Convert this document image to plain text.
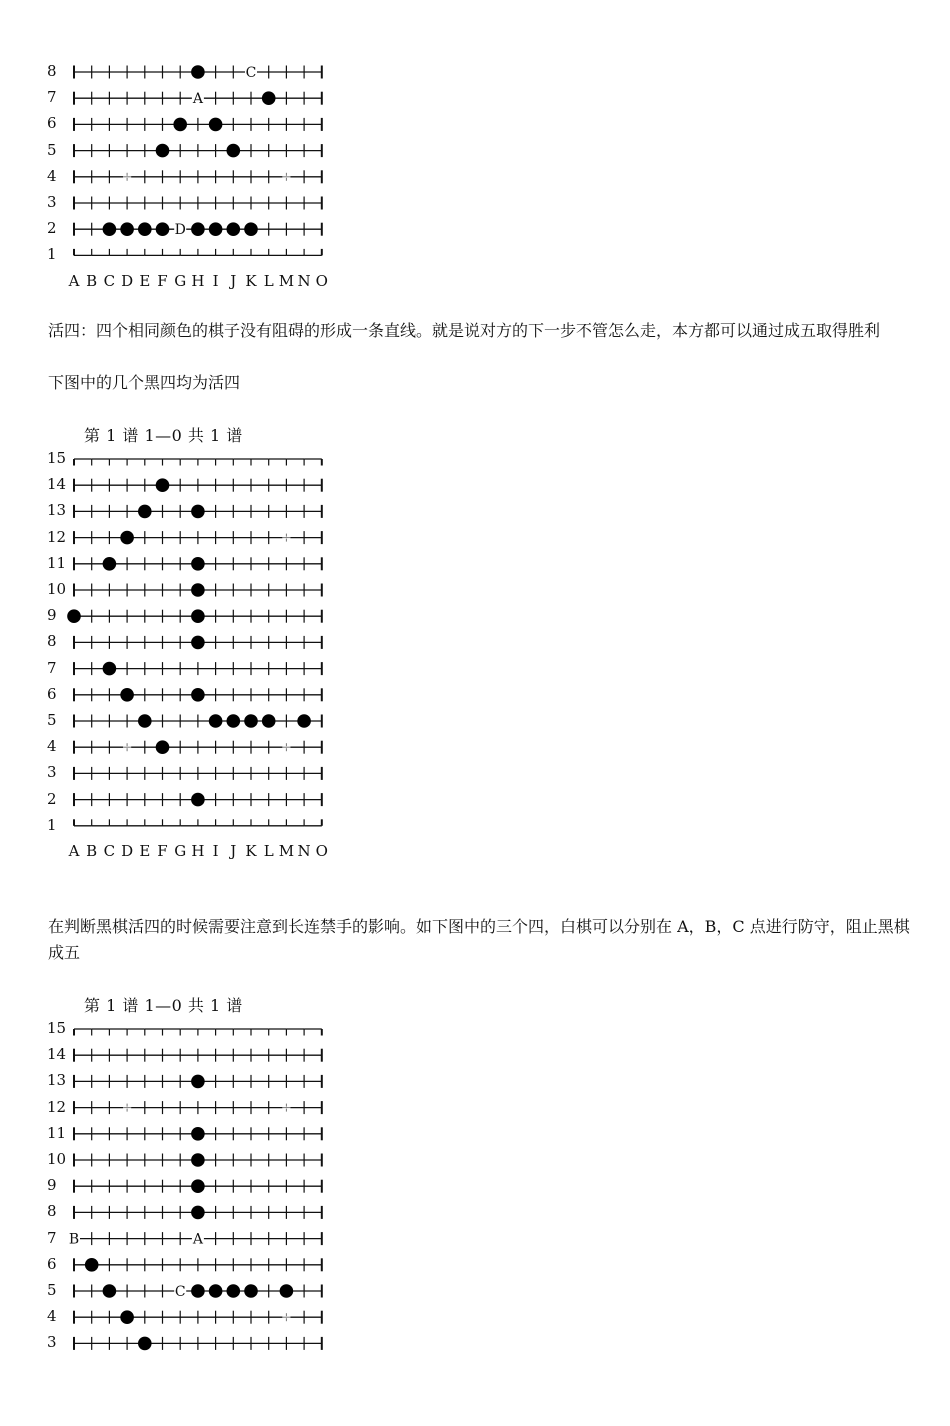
C
A
D
8
7
6
5
4
3
2
1
A B C D E F G H I J K L M N O
15
14
13
12
11
10
9
8
7
6
5
4
3
2
1
A B C D E F G H I J K L M N O
B	A
C
15
14
13
12
11
10
9
8
7
6
5
4
3
活四：四个相同颜色的棋子没有阻碍的形成一条直线。就是说对方的下一步不管怎么走，本方都可以通过成五取得胜利
下图中的几个黑四均为活四
第 1 谱 1—0 共 1 谱
在判断黑棋活四的时候需要注意到长连禁手的影响。如下图中的三个四，白棋可以分别在 A，B，C 点进行防守，阻止黑棋成五
第 1 谱 1—0 共 1 谱
